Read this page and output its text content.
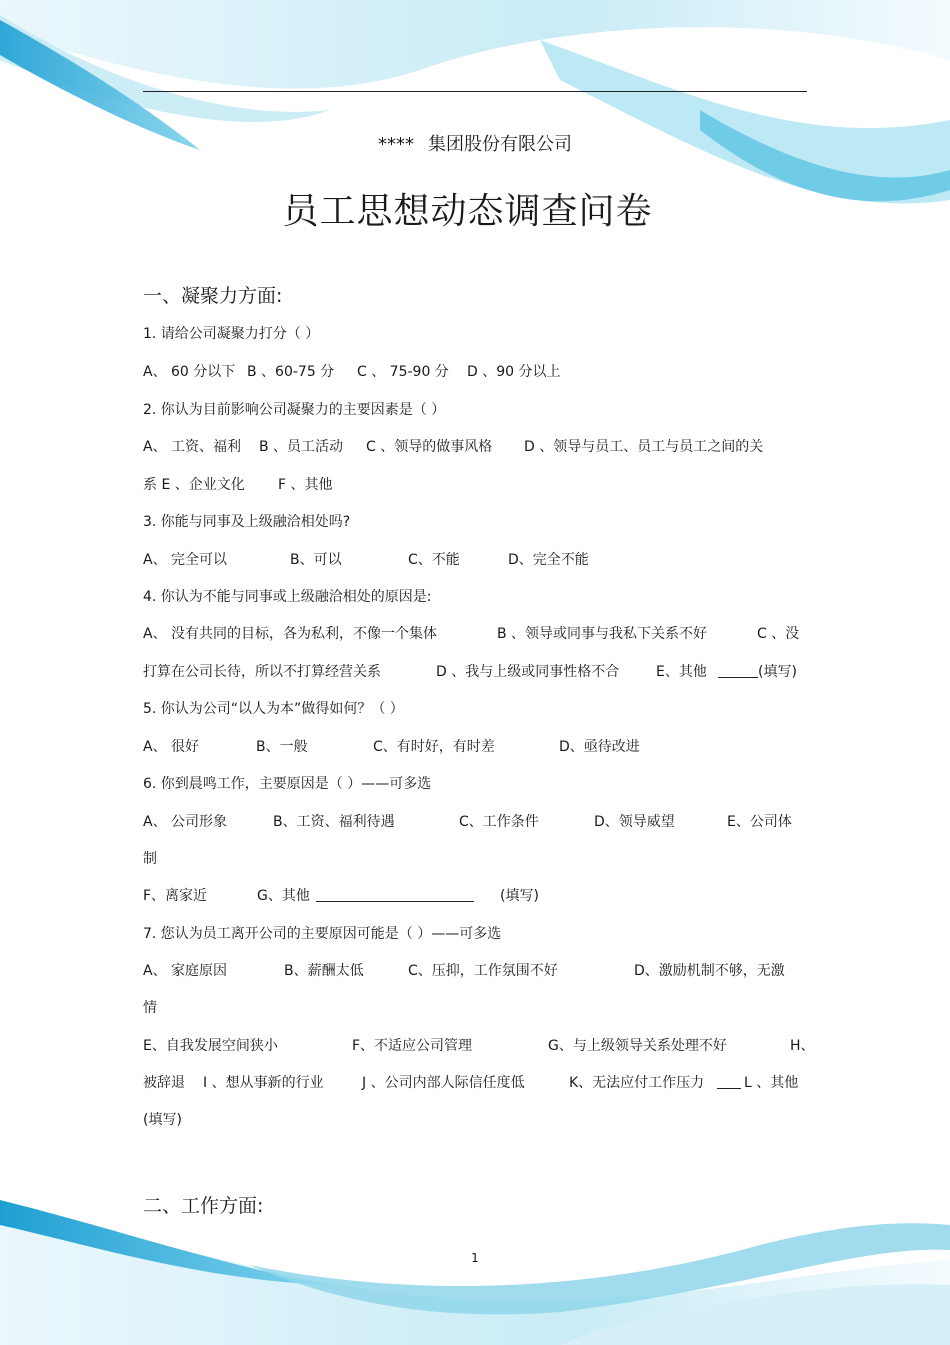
**** 集团股份有限公司
员工思想动态调查问卷
一、凝聚力方面:
1. 请给公司凝聚力打分（ ）
A、 60 分以下 B 、60-75 分 C 、 75-90 分 D 、90 分以上
2. 你认为目前影响公司凝聚力的主要因素是（ ）
A、 工资、福利 B 、员工活动 C 、领导的做事风格 D 、领导与员工、员工与员工之间的关
系 E 、企业文化 F 、其他
3. 你能与同事及上级融洽相处吗?
A、 完全可以	B、可以	C、不能	D、完全不能
4. 你认为不能与同事或上级融洽相处的原因是:
A、 没有共同的目标，各为私利，不像一个集体	B 、领导或同事与我私下关系不好	C 、没
打算在公司长待，所以不打算经营关系	D 、我与上级或同事性格不合	E、其他	(填写)
5. 你认为公司“以人为本”做得如何？（ ）
A、 很好	B、一般	C、有时好，有时差	D、亟待改进
6. 你到晨鸣工作，主要原因是（ ）——可多选
A、 公司形象	B、工资、福利待遇	C、工作条件	D、领导威望	E、公司体
制
F、离家近	G、其他	(填写)
7. 您认为员工离开公司的主要原因可能是（ ）——可多选
A、 家庭原因	B、薪酬太低	C、压抑，工作氛围不好	D、激励机制不够，无激
情
E、自我发展空间狭小	F、不适应公司管理	G、与上级领导关系处理不好	H、
被辞退 I 、想从事新的行业	J 、公司内部人际信任度低	K、无法应付工作压力	L 、其他
(填写)
二、工作方面:
1
